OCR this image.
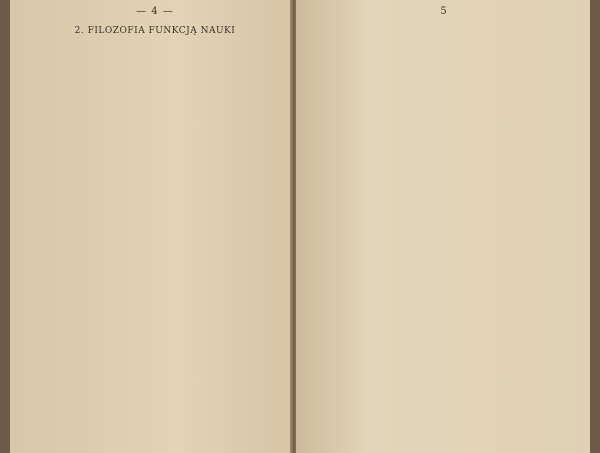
— 4 —
2. FILOZOFIA FUNKCJĄ NAUKI
5
